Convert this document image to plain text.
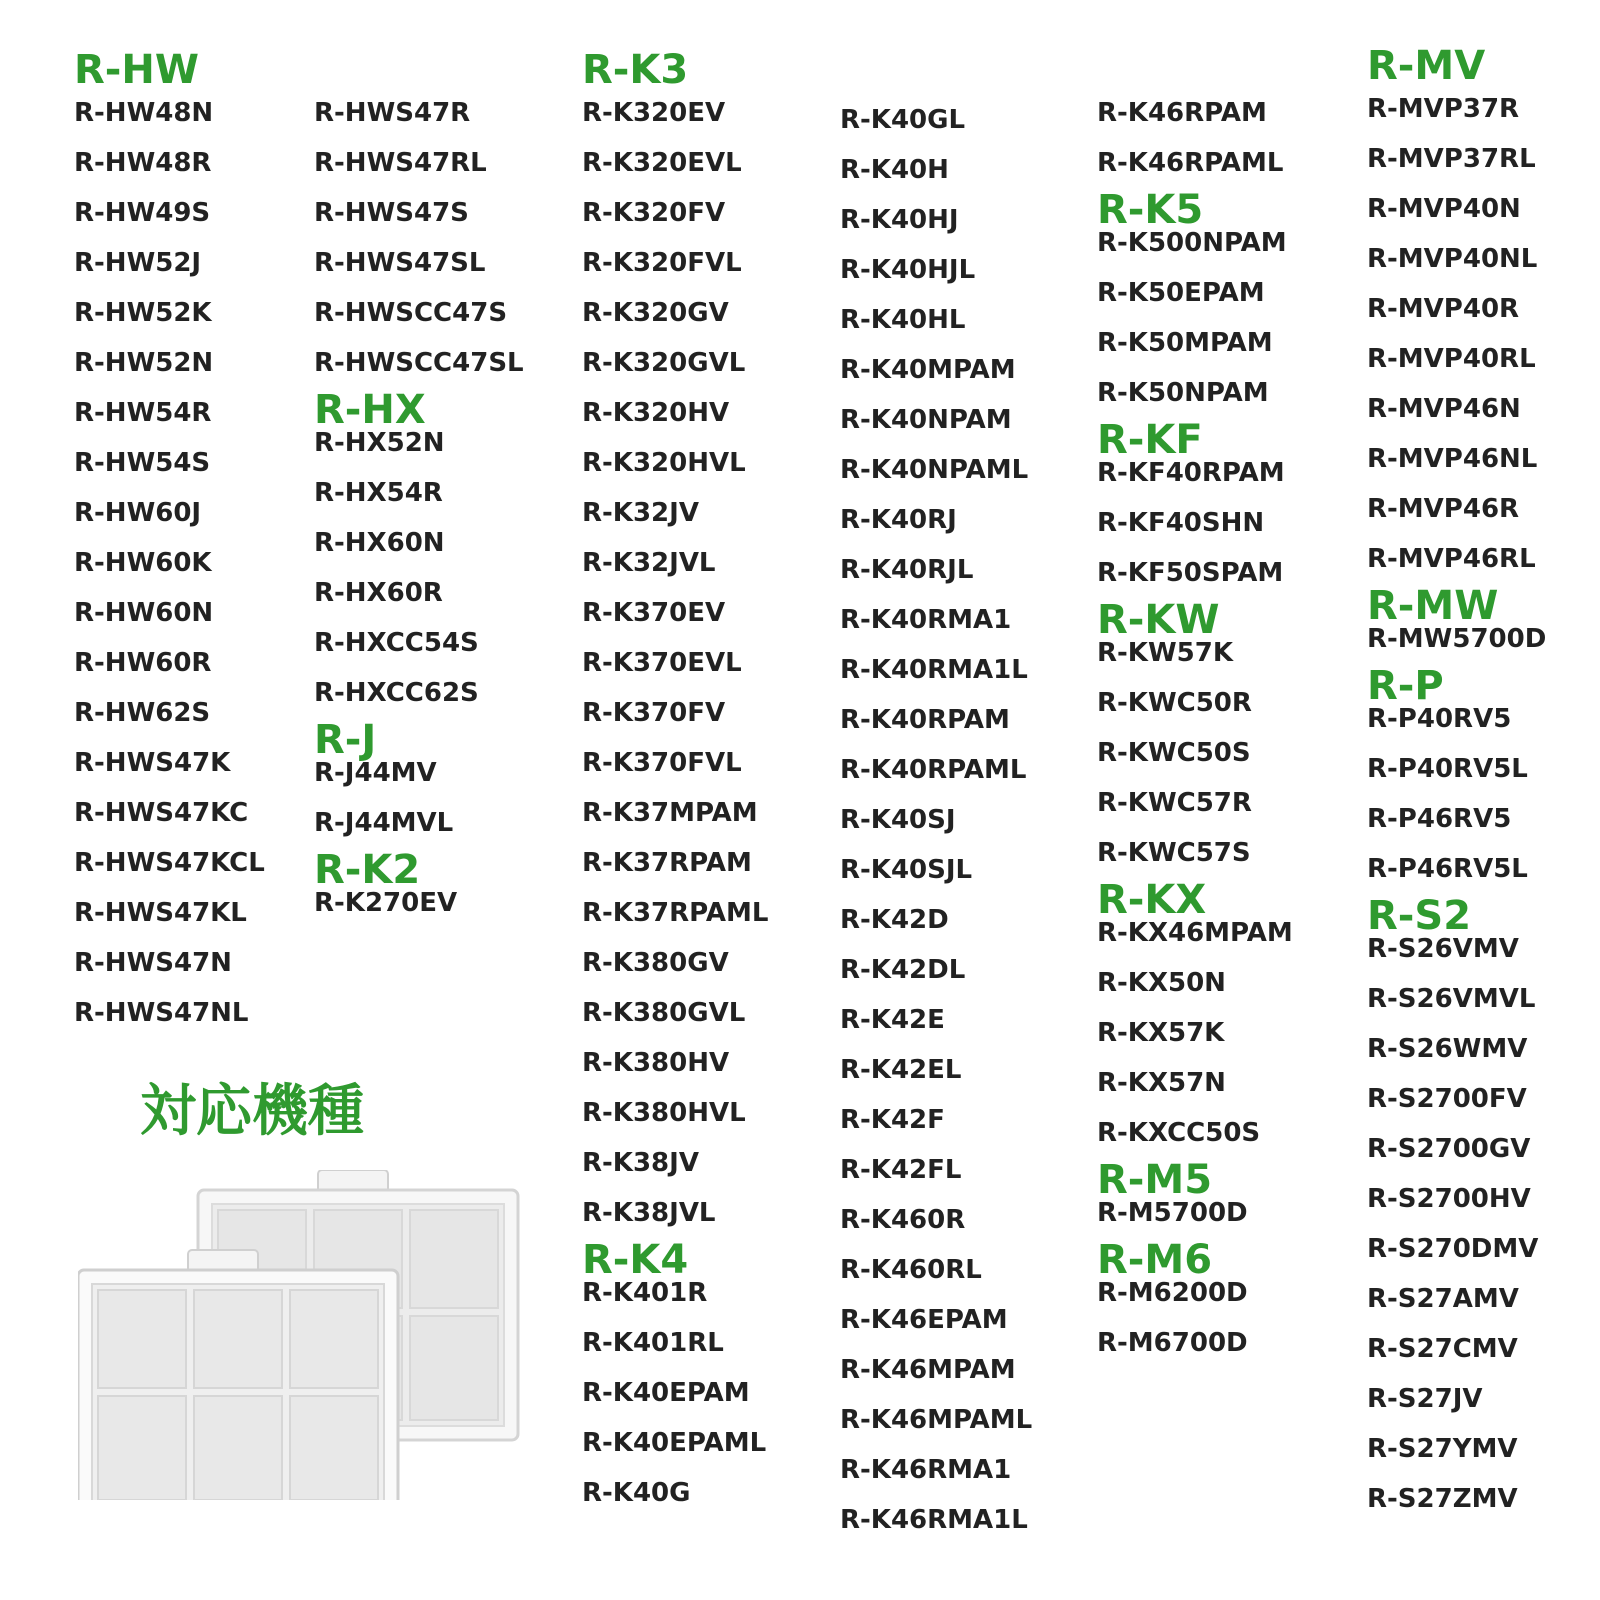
R-HW
R-HW48N
R-HW48R
R-HW49S
R-HW52J
R-HW52K
R-HW52N
R-HW54R
R-HW54S
R-HW60J
R-HW60K
R-HW60N
R-HW60R
R-HW62S
R-HWS47K
R-HWS47KC
R-HWS47KCL
R-HWS47KL
R-HWS47N
R-HWS47NL
R-HWS47R
R-HWS47RL
R-HWS47S
R-HWS47SL
R-HWSCC47S
R-HWSCC47SL
R-HX
R-HX52N
R-HX54R
R-HX60N
R-HX60R
R-HXCC54S
R-HXCC62S
R-J
R-J44MV
R-J44MVL
R-K2
R-K270EV
R-K3
R-K320EV
R-K320EVL
R-K320FV
R-K320FVL
R-K320GV
R-K320GVL
R-K320HV
R-K320HVL
R-K32JV
R-K32JVL
R-K370EV
R-K370EVL
R-K370FV
R-K370FVL
R-K37MPAM
R-K37RPAM
R-K37RPAML
R-K380GV
R-K380GVL
R-K380HV
R-K380HVL
R-K38JV
R-K38JVL
R-K4
R-K401R
R-K401RL
R-K40EPAM
R-K40EPAML
R-K40G
R-K40GL
R-K40H
R-K40HJ
R-K40HJL
R-K40HL
R-K40MPAM
R-K40NPAM
R-K40NPAML
R-K40RJ
R-K40RJL
R-K40RMA1
R-K40RMA1L
R-K40RPAM
R-K40RPAML
R-K40SJ
R-K40SJL
R-K42D
R-K42DL
R-K42E
R-K42EL
R-K42F
R-K42FL
R-K460R
R-K460RL
R-K46EPAM
R-K46MPAM
R-K46MPAML
R-K46RMA1
R-K46RMA1L
R-K46RPAM
R-K46RPAML
R-K5
R-K500NPAM
R-K50EPAM
R-K50MPAM
R-K50NPAM
R-KF
R-KF40RPAM
R-KF40SHN
R-KF50SPAM
R-KW
R-KW57K
R-KWC50R
R-KWC50S
R-KWC57R
R-KWC57S
R-KX
R-KX46MPAM
R-KX50N
R-KX57K
R-KX57N
R-KXCC50S
R-M5
R-M5700D
R-M6
R-M6200D
R-M6700D
R-MV
R-MVP37R
R-MVP37RL
R-MVP40N
R-MVP40NL
R-MVP40R
R-MVP40RL
R-MVP46N
R-MVP46NL
R-MVP46R
R-MVP46RL
R-MW
R-MW5700D
R-P
R-P40RV5
R-P40RV5L
R-P46RV5
R-P46RV5L
R-S2
R-S26VMV
R-S26VMVL
R-S26WMV
R-S2700FV
R-S2700GV
R-S2700HV
R-S270DMV
R-S27AMV
R-S27CMV
R-S27JV
R-S27YMV
R-S27ZMV
対応機種
